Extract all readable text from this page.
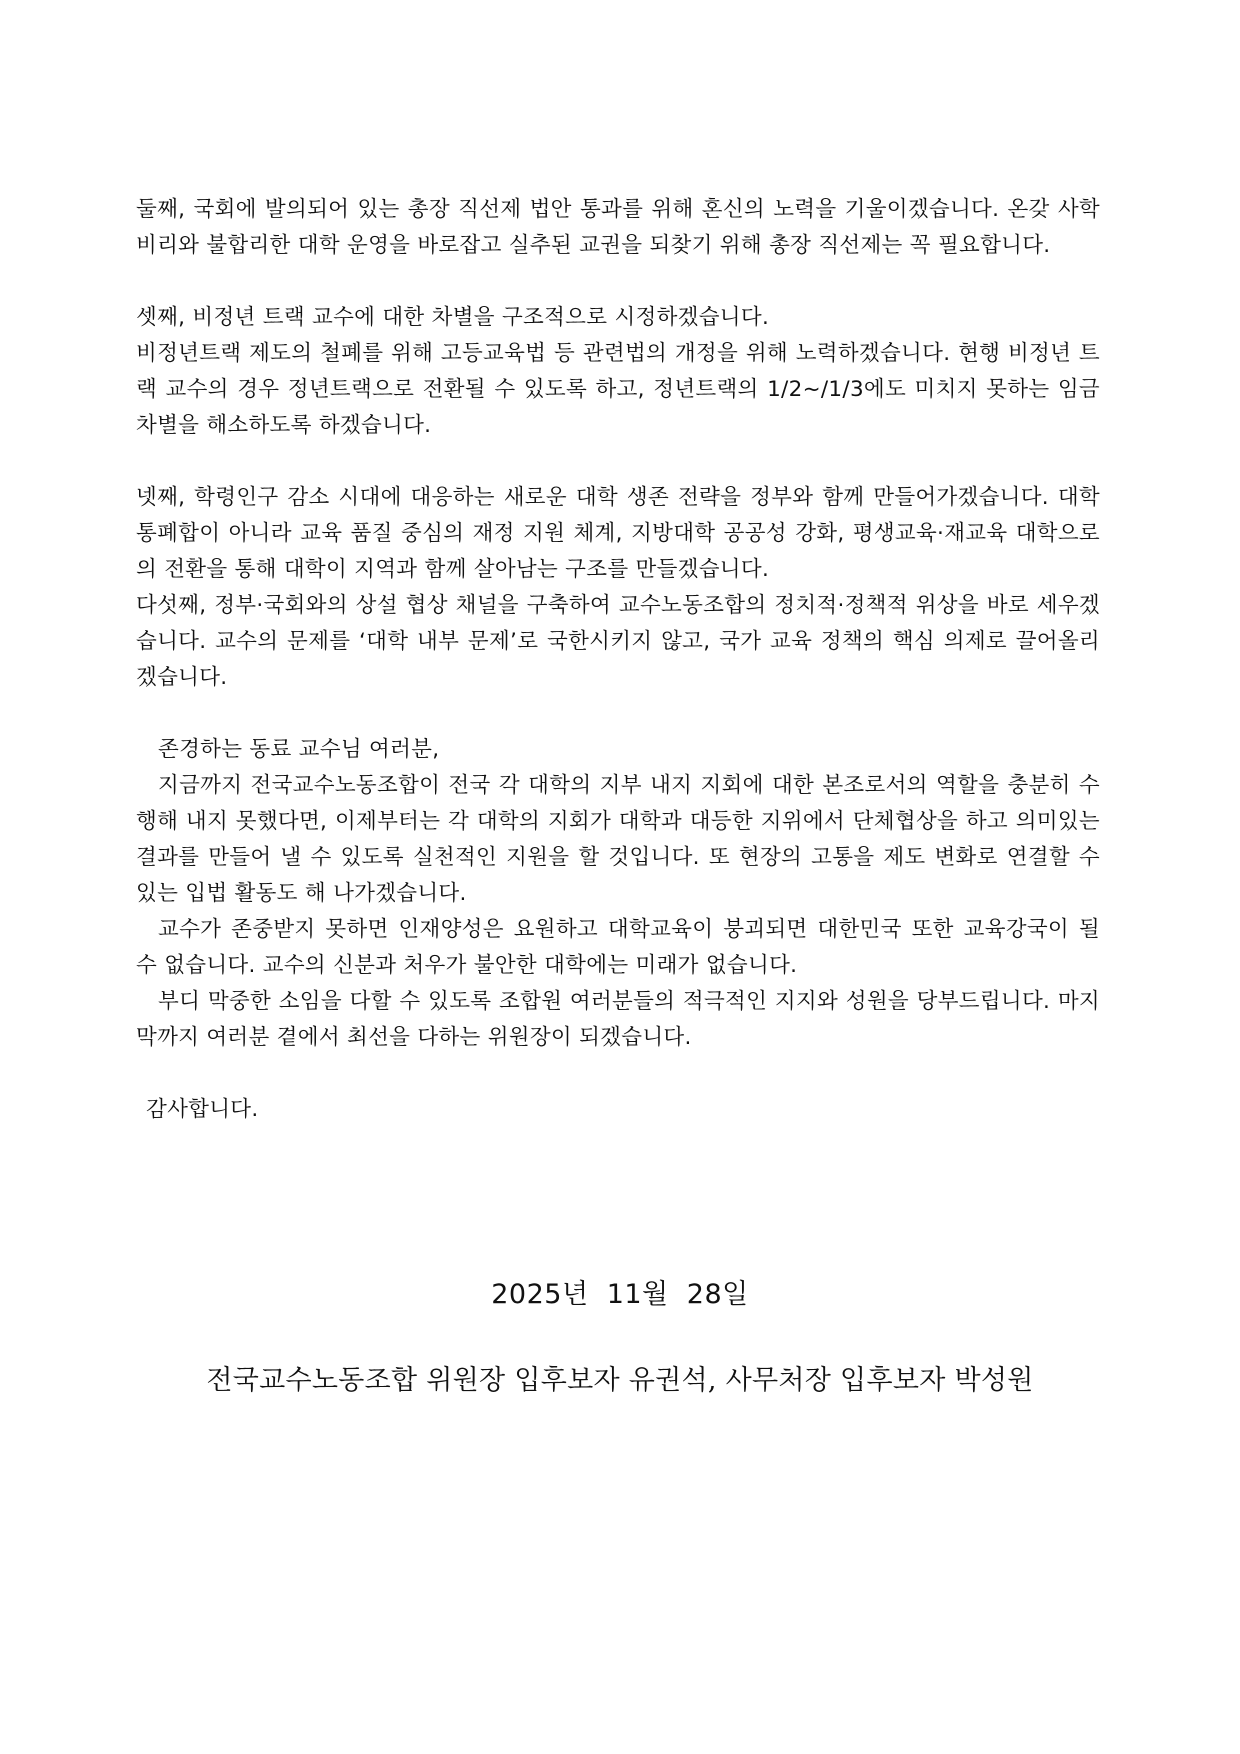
둘째, 국회에 발의되어 있는 총장 직선제 법안 통과를 위해 혼신의 노력을 기울이겠습니다. 온갖 사학 비리와 불합리한 대학 운영을 바로잡고 실추된 교권을 되찾기 위해 총장 직선제는 꼭 필요합니다.

셋째, 비정년 트랙 교수에 대한 차별을 구조적으로 시정하겠습니다.

비정년트랙 제도의 철폐를 위해 고등교육법 등 관련법의 개정을 위해 노력하겠습니다. 현행 비정년 트랙 교수의 경우 정년트랙으로 전환될 수 있도록 하고, 정년트랙의 1/2~/1/3에도 미치지 못하는 임금차별을 해소하도록 하겠습니다.

넷째, 학령인구 감소 시대에 대응하는 새로운 대학 생존 전략을 정부와 함께 만들어가겠습니다. 대학 통폐합이 아니라 교육 품질 중심의 재정 지원 체계, 지방대학 공공성 강화, 평생교육·재교육 대학으로의 전환을 통해 대학이 지역과 함께 살아남는 구조를 만들겠습니다.

다섯째, 정부·국회와의 상설 협상 채널을 구축하여 교수노동조합의 정치적·정책적 위상을 바로 세우겠습니다. 교수의 문제를 ‘대학 내부 문제’로 국한시키지 않고, 국가 교육 정책의 핵심 의제로 끌어올리겠습니다.

존경하는 동료 교수님 여러분,

지금까지 전국교수노동조합이 전국 각 대학의 지부 내지 지회에 대한 본조로서의 역할을 충분히 수행해 내지 못했다면, 이제부터는 각 대학의 지회가 대학과 대등한 지위에서 단체협상을 하고 의미있는 결과를 만들어 낼 수 있도록 실천적인 지원을 할 것입니다. 또 현장의 고통을 제도 변화로 연결할 수 있는 입법 활동도 해 나가겠습니다.

교수가 존중받지 못하면 인재양성은 요원하고 대학교육이 붕괴되면 대한민국 또한 교육강국이 될 수 없습니다. 교수의 신분과 처우가 불안한 대학에는 미래가 없습니다.

부디 막중한 소임을 다할 수 있도록 조합원 여러분들의 적극적인 지지와 성원을 당부드립니다. 마지막까지 여러분 곁에서 최선을 다하는 위원장이 되겠습니다.

감사합니다.

2025년  11월  28일
전국교수노동조합 위원장 입후보자 유권석, 사무처장 입후보자 박성원
